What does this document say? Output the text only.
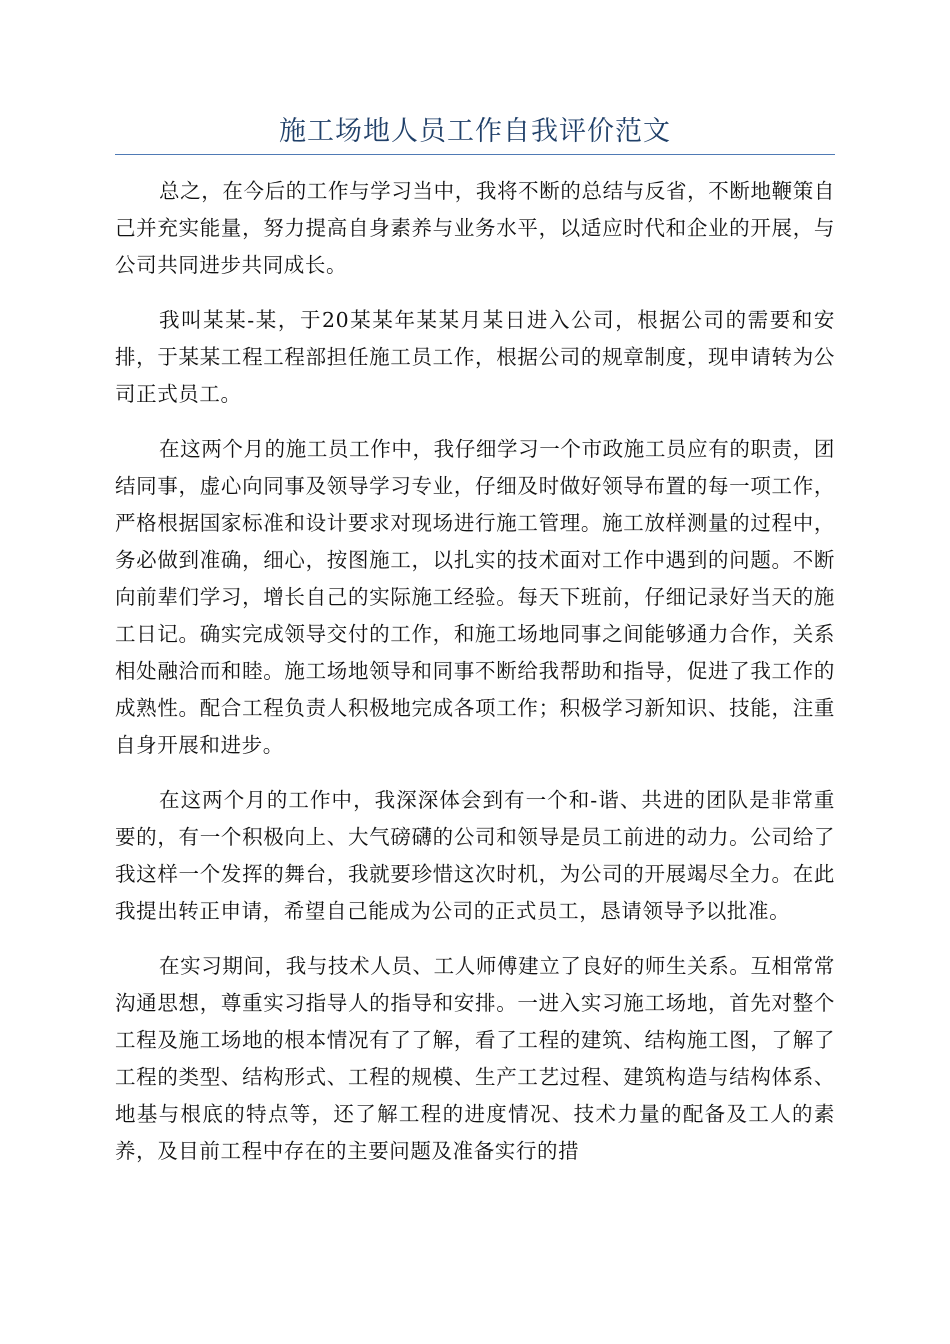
施工场地人员工作自我评价范文

总之，在今后的工作与学习当中，我将不断的总结与反省，不断地鞭策自己并充实能量，努力提高自身素养与业务水平，以适应时代和企业的开展，与公司共同进步共同成长。

我叫某某-某，于20某某年某某月某日进入公司，根据公司的需要和安排，于某某工程工程部担任施工员工作，根据公司的规章制度，现申请转为公司正式员工。

在这两个月的施工员工作中，我仔细学习一个市政施工员应有的职责，团结同事，虚心向同事及领导学习专业，仔细及时做好领导布置的每一项工作，严格根据国家标准和设计要求对现场进行施工管理。施工放样测量的过程中，务必做到准确，细心，按图施工，以扎实的技术面对工作中遇到的问题。不断向前辈们学习，增长自己的实际施工经验。每天下班前，仔细记录好当天的施工日记。确实完成领导交付的工作，和施工场地同事之间能够通力合作，关系相处融洽而和睦。施工场地领导和同事不断给我帮助和指导，促进了我工作的成熟性。配合工程负责人积极地完成各项工作；积极学习新知识、技能，注重自身开展和进步。

在这两个月的工作中，我深深体会到有一个和-谐、共进的团队是非常重要的，有一个积极向上、大气磅礴的公司和领导是员工前进的动力。公司给了我这样一个发挥的舞台，我就要珍惜这次时机，为公司的开展竭尽全力。在此我提出转正申请，希望自己能成为公司的正式员工，恳请领导予以批准。

在实习期间，我与技术人员、工人师傅建立了良好的师生关系。互相常常沟通思想，尊重实习指导人的指导和安排。一进入实习施工场地，首先对整个工程及施工场地的根本情况有了了解，看了工程的建筑、结构施工图，了解了工程的类型、结构形式、工程的规模、生产工艺过程、建筑构造与结构体系、地基与根底的特点等，还了解工程的进度情况、技术力量的配备及工人的素养，及目前工程中存在的主要问题及准备实行的措
